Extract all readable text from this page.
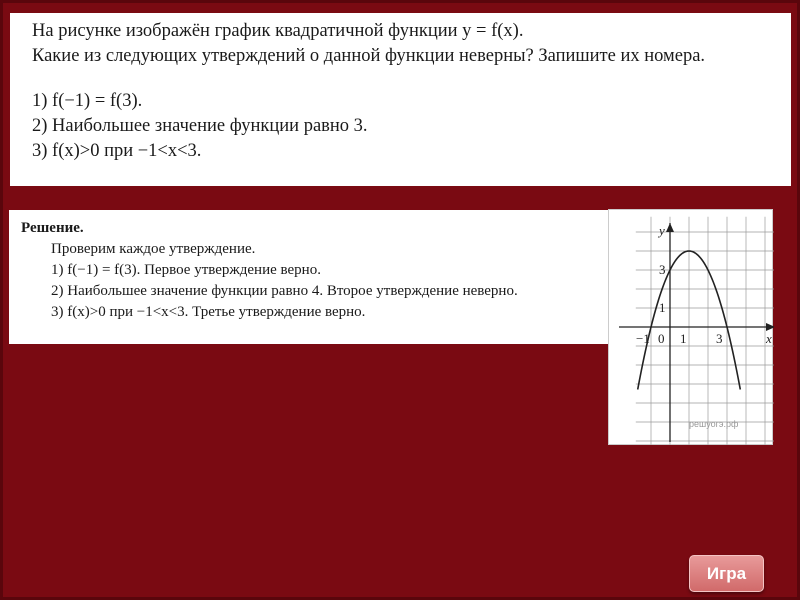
На рисунке изображён график квадратичной функции y = f(x).
Какие из следующих утверждений о данной функции неверны? Запишите их номера.
1) f(−1) = f(3).
2) Наибольшее значение функции равно 3.
3) f(x)>0 при −1<x<3.
Решение.
Проверим каждое утверждение.
1) f(−1) = f(3). Первое утверждение верно.
2) Наибольшее значение функции равно 4. Второе утверждение неверно.
3) f(x)>0 при −1<x<3. Третье утверждение верно.
y
x
3
1
−1 0 1 3
решуогэ.рф
Игра
